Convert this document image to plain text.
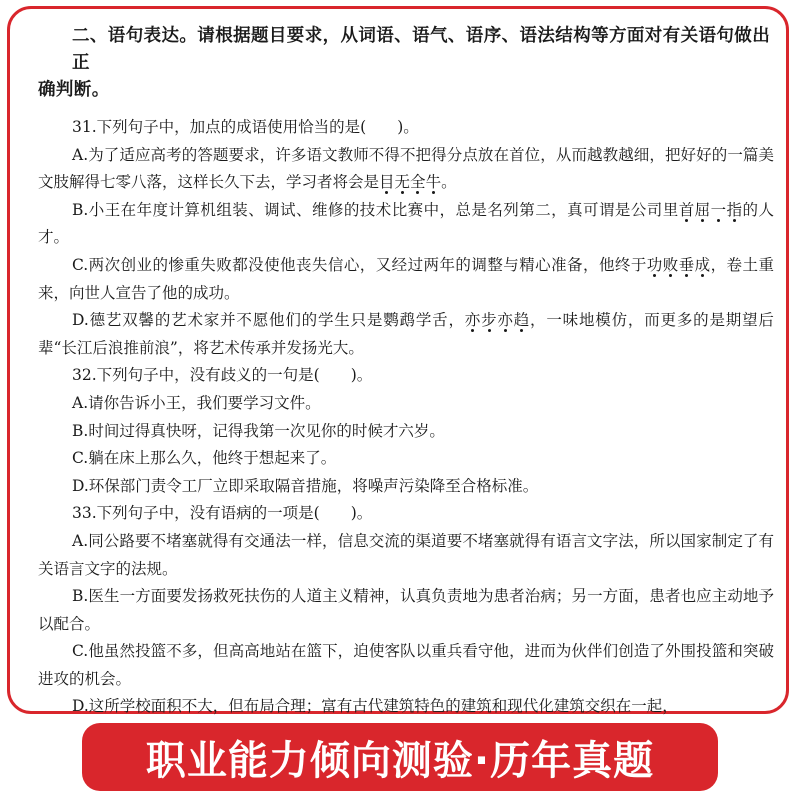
二、语句表达。请根据题目要求，从词语、语气、语序、语法结构等方面对有关语句做出正
确判断。

31.下列句子中，加点的成语使用恰当的是(　　)。

A.为了适应高考的答题要求，许多语文教师不得不把得分点放在首位，从而越教越细，把好好的一篇美文肢解得七零八落，这样长久下去，学习者将会是目无全牛。

B.小王在年度计算机组装、调试、维修的技术比赛中，总是名列第二，真可谓是公司里首屈一指的人才。

C.两次创业的惨重失败都没使他丧失信心，又经过两年的调整与精心准备，他终于功败垂成，卷土重来，向世人宣告了他的成功。

D.德艺双馨的艺术家并不愿他们的学生只是鹦鹉学舌，亦步亦趋，一味地模仿，而更多的是期望后辈“长江后浪推前浪”，将艺术传承并发扬光大。

32.下列句子中，没有歧义的一句是(　　)。

A.请你告诉小王，我们要学习文件。

B.时间过得真快呀，记得我第一次见你的时候才六岁。

C.躺在床上那么久，他终于想起来了。

D.环保部门责令工厂立即采取隔音措施，将噪声污染降至合格标准。

33.下列句子中，没有语病的一项是(　　)。

A.同公路要不堵塞就得有交通法一样，信息交流的渠道要不堵塞就得有语言文字法，所以国家制定了有关语言文字的法规。

B.医生一方面要发扬救死扶伤的人道主义精神，认真负责地为患者治病；另一方面，患者也应主动地予以配合。

C.他虽然投篮不多，但高高地站在篮下，迫使客队以重兵看守他，进而为伙伴们创造了外围投篮和突破进攻的机会。

D.这所学校面积不大，但布局合理；富有古代建筑特色的建筑和现代化建筑交织在一起，

职业能力倾向测验·历年真题
